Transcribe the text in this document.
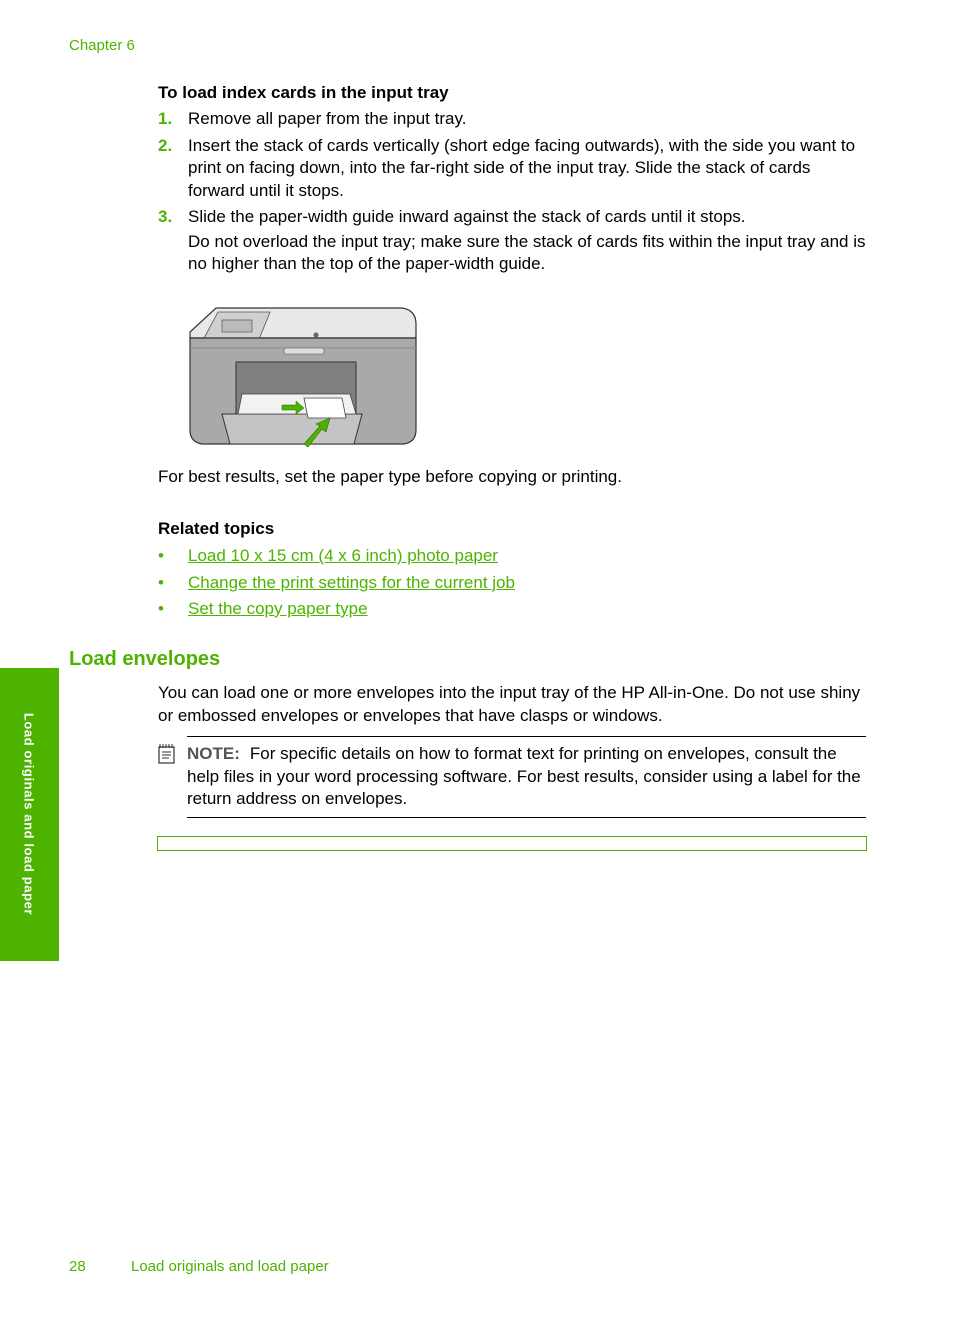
Chapter 6
To load index cards in the input tray
1. Remove all paper from the input tray.
2. Insert the stack of cards vertically (short edge facing outwards), with the side you want to print on facing down, into the far-right side of the input tray. Slide the stack of cards forward until it stops.
3. Slide the paper-width guide inward against the stack of cards until it stops.
Do not overload the input tray; make sure the stack of cards fits within the input tray and is no higher than the top of the paper-width guide.
For best results, set the paper type before copying or printing.
Related topics
• Load 10 x 15 cm (4 x 6 inch) photo paper
• Change the print settings for the current job
• Set the copy paper type
Load envelopes
You can load one or more envelopes into the input tray of the HP All-in-One. Do not use shiny or embossed envelopes or envelopes that have clasps or windows.
NOTE: For specific details on how to format text for printing on envelopes, consult the help files in your word processing software. For best results, consider using a label for the return address on envelopes.
Load originals and load paper
28	Load originals and load paper
